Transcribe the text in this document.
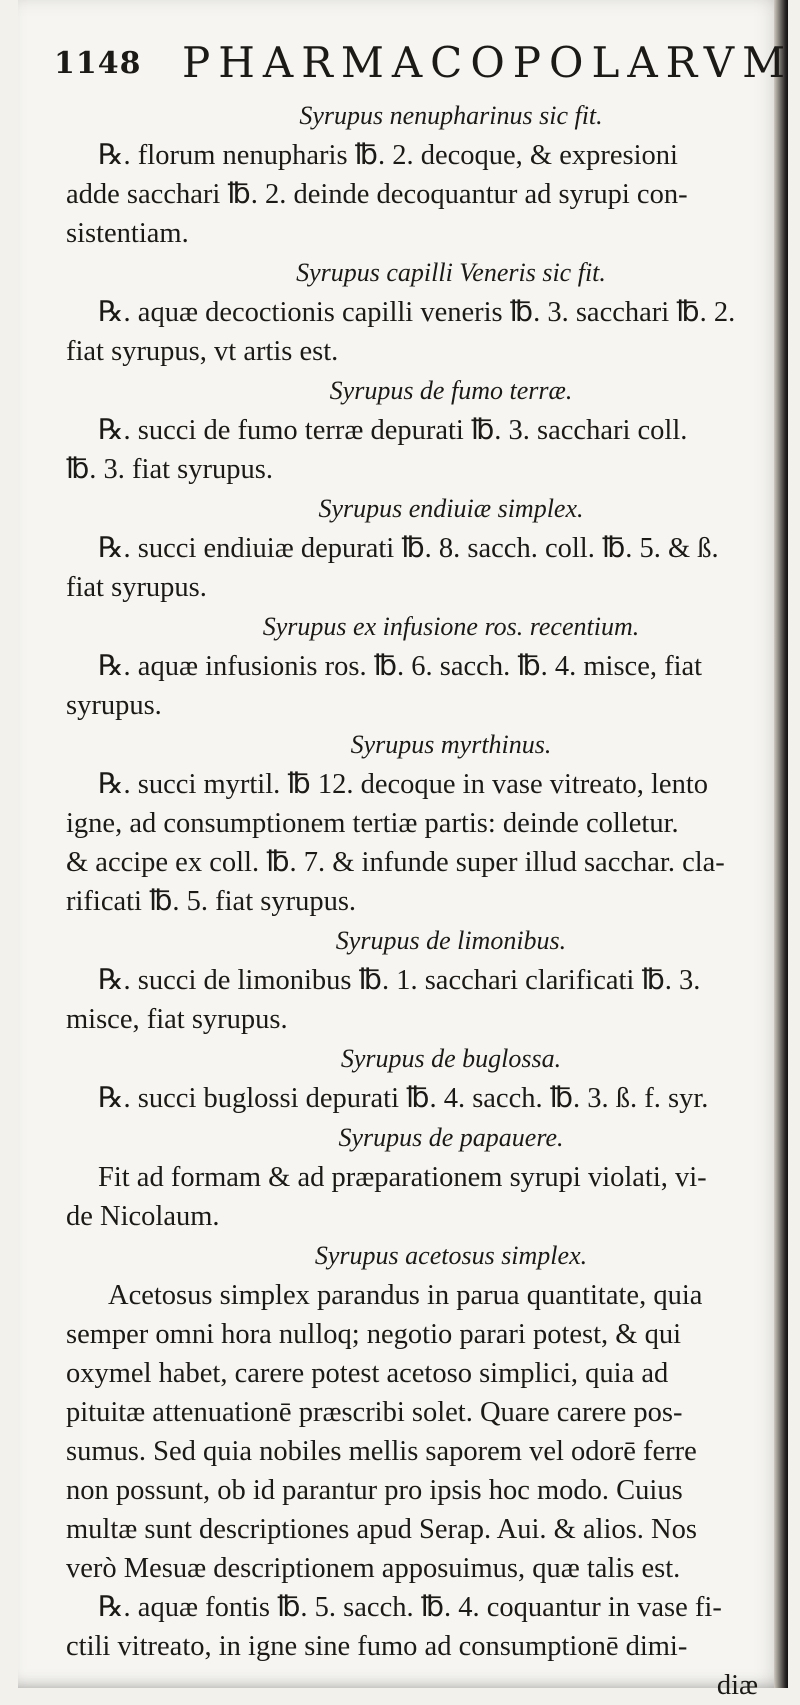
1148 PHARMACOPOLARVM
Syrupus nenupharinus sic fit.
℞. florum nenupharis ℔. 2. decoque, & expresioni
adde sacchari ℔. 2. deinde decoquantur ad syrupi con-
sistentiam.
Syrupus capilli Veneris sic fit.
℞. aquæ decoctionis capilli veneris ℔. 3. sacchari ℔. 2.
fiat syrupus, vt artis est.
Syrupus de fumo terræ.
℞. succi de fumo terræ depurati ℔. 3. sacchari coll.
℔. 3. fiat syrupus.
Syrupus endiuiæ simplex.
℞. succi endiuiæ depurati ℔. 8. sacch. coll. ℔. 5. & ß.
fiat syrupus.
Syrupus ex infusione ros. recentium.
℞. aquæ infusionis ros. ℔. 6. sacch. ℔. 4. misce, fiat
syrupus.
Syrupus myrthinus.
℞. succi myrtil. ℔ 12. decoque in vase vitreato, lento
igne, ad consumptionem tertiæ partis: deinde colletur.
& accipe ex coll. ℔. 7. & infunde super illud sacchar. cla-
rificati ℔. 5. fiat syrupus.
Syrupus de limonibus.
℞. succi de limonibus ℔. 1. sacchari clarificati ℔. 3.
misce, fiat syrupus.
Syrupus de buglossa.
℞. succi buglossi depurati ℔. 4. sacch. ℔. 3. ß. f. syr.
Syrupus de papauere.
Fit ad formam & ad præparationem syrupi violati, vi-
de Nicolaum.
Syrupus acetosus simplex.
Acetosus simplex parandus in parua quantitate, quia
semper omni hora nulloq; negotio parari potest, & qui
oxymel habet, carere potest acetoso simplici, quia ad
pituitæ attenuationē præscribi solet. Quare carere pos-
sumus. Sed quia nobiles mellis saporem vel odorē ferre
non possunt, ob id parantur pro ipsis hoc modo. Cuius
multæ sunt descriptiones apud Serap. Aui. & alios. Nos
verò Mesuæ descriptionem apposuimus, quæ talis est.
℞. aquæ fontis ℔. 5. sacch. ℔. 4. coquantur in vase fi-
ctili vitreato, in igne sine fumo ad consumptionē dimi-
diæ
